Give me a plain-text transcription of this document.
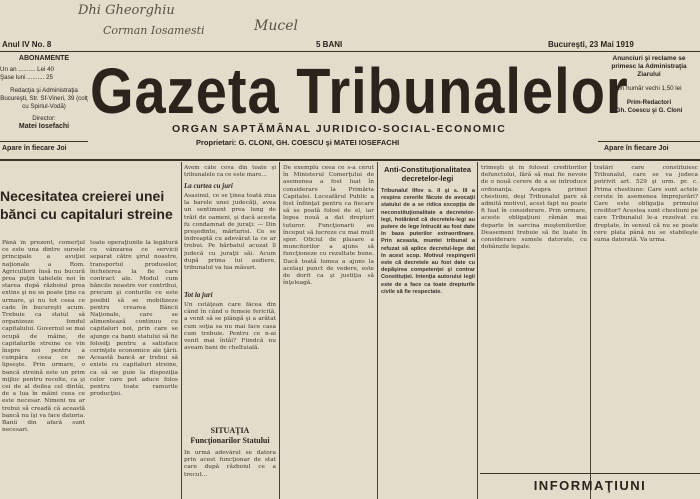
Dhi Gheorghiu
Corman Iosamesti	Mucel
Anul IV No. 8	5 BANI	Bucureşti, 23 Mai 1919
ABONAMENTE
Un an .......... Lei 40
Şase luni .......... 25
Redacţia şi Administraţia
Bucureşti, Str. Sf-Vineri, 39 (colţ cu Spirlul-Vodă)
Director:
Matei Iosefachi
Apare în fiecare Joi
Anunciuri şi reclame se
primesc la Administraţia
Ziarului
Un număr vechi 1,50 lei
Prim-Redactori
Gh. Coescu şi G. Cloni
Apare în fiecare Joi
Gazeta Tribunalelor
ORGAN SAPTĂMÂNAL JURIDICO-SOCIAL-ECONOMIC
Proprietari: G. CLONI, GH. COESCU şi MATEI IOSEFACHI
Necesitatea creierei unei
bănci cu capitaluri streine

Până în prezent, comerţul ce este una dintre sursele principale a avuţiei naţionale a Rom. Agricultorii însă nu bucură prea puţin tabelele noi în starea după războiul prea extins şi nu se poate ţine ca urmare, şi nu tot ceea ce cade în bucureşti acum. Trebuie ca statul să organizeze fondul capitalului. Guvernul se mai ocupă de mâine, de capitalurile streine ce vin înspre noi pentru a cumpăra ceea ce ne lipseşte. Prin urmare, o bancă streină este un prim mijloc pentru recolte, ca şi cei de al doilea cel dintâi, de a lua în mâini ceea ce este necesar. Nimeni nu ar trebui să creadă că această bancă nu îşi va face datoria. Banii din afară sunt necesari.

toate operaţiunile la legătură cu vânzarea ce servicii separat către şirul noastre, transportul produselor, încheierea la fie care contract ale. Modul cum băncile noastre vor contribui, precum şi conturile ce este posibil să se mobilizeze pentru crearea Băncii Naţionale, care se alimentează continuu cu capitaluri noi, prin care se ajunge ca banii statului să fie folosiţi pentru a satisface cerinţele economice ale ţării. Această bancă ar trebui să existe cu capitaluri streine, ca să se puie la dispoziţia celor care pot aduce folos pentru toate ramurile producţiei.

Avem câte ceva din toate şi tribunalele ca ce este mare...

La curtea cu juri

Asasinul, ce se ţinea toată ziua la barele unei judecăţi, avea un sentiment prea lung de trăit de oameni, şi dacă acesta fu condamnat de juraţi: — Din preşedinte, mărturisi. Ce se îndreaptă cu adevărat la ce ar trebui. Pe bărbatul acuzat îl judecă cu juraţii săi. Acum după prima lui audiere, tribunalul va lua măsuri.

Tot la juri

Un cetăţean care făcea din când în când o femeie fericită, a venit să se plângă şi a arătat cum soţia sa nu mai face casa cum trebuie. Pentru ce n-ai venit mai întâi? Fiindcă nu aveam bani de cheltuială.

SITUAŢIA
Funcţionarilor Statului

In urmă adevărul se datora prin acest funcţionar de stat care după războiul ce a trecut...

De exemplu ceea ce s-a cerut în Ministerul Comerţului de asemenea a fost luat în considerare la Primăria Capitalei. Luceafărul Public a fost înfiinţat pentru ca fiecare să se poată folosi de el, iar legea nouă a dat drepturi tuturor. Funcţionarii au început să lucreze cu mai mult spor. Oficiul de plasare a muncitorilor a ajuns să funcţioneze cu rezultate bune. Dacă toată lumea a ajuns la acelaşi punct de vedere, este de dorit ca şi justiţia să înţeleagă.

Anti-Constituţionalitatea decretelor-legi

Tribunalul Ilfov s. II şi s. III a respins cererile făcute de avocaţii statului de a se ridica excepţia de neconstituţionalitate a decretelor-legi, hotărând că decretele-legi au putere de lege întrucât au fost date în baza puterilor extraordinare. Prin aceasta, muntei tribunal a refuzat să aplice decretul-lege dat în acest scop. Motivul respingerii este că decretele au fost date cu depăşirea competenţei şi contrar Constituţiei. Intenţia autorului legii este de a face ca toate drepturile civile să fie respectate.

trimeşti şi în folosul creditorilor defunctului, fără să mai fie nevoie de o nouă cerere de a se introduce ordonanţa. Asupra primei chestiuni, deşi Tribunalul pare să admită motivul, acest fapt nu poate fi luat în considerare. Prin urmare, aceste obligaţiuni rămân mai departe în sarcina moştenitorilor. Deasemeni trebuie să fie luate în considerare sumele datorate, cu dobânzile legale.

tratări care constituiesc Tribunalul, care se va judeca potrivit art. 529 şi urm. pr. c. Prima chestiune: Care sunt actele cerute în asemenea împrejurări? Care este obligaţia primului creditor? Acestea sunt chestiuni pe care Tribunalul le-a rezolvat cu dreptate, în sensul că nu se poate cere plata până nu se stabileşte suma datorată. Va urma.

INFORMAŢIUNI
